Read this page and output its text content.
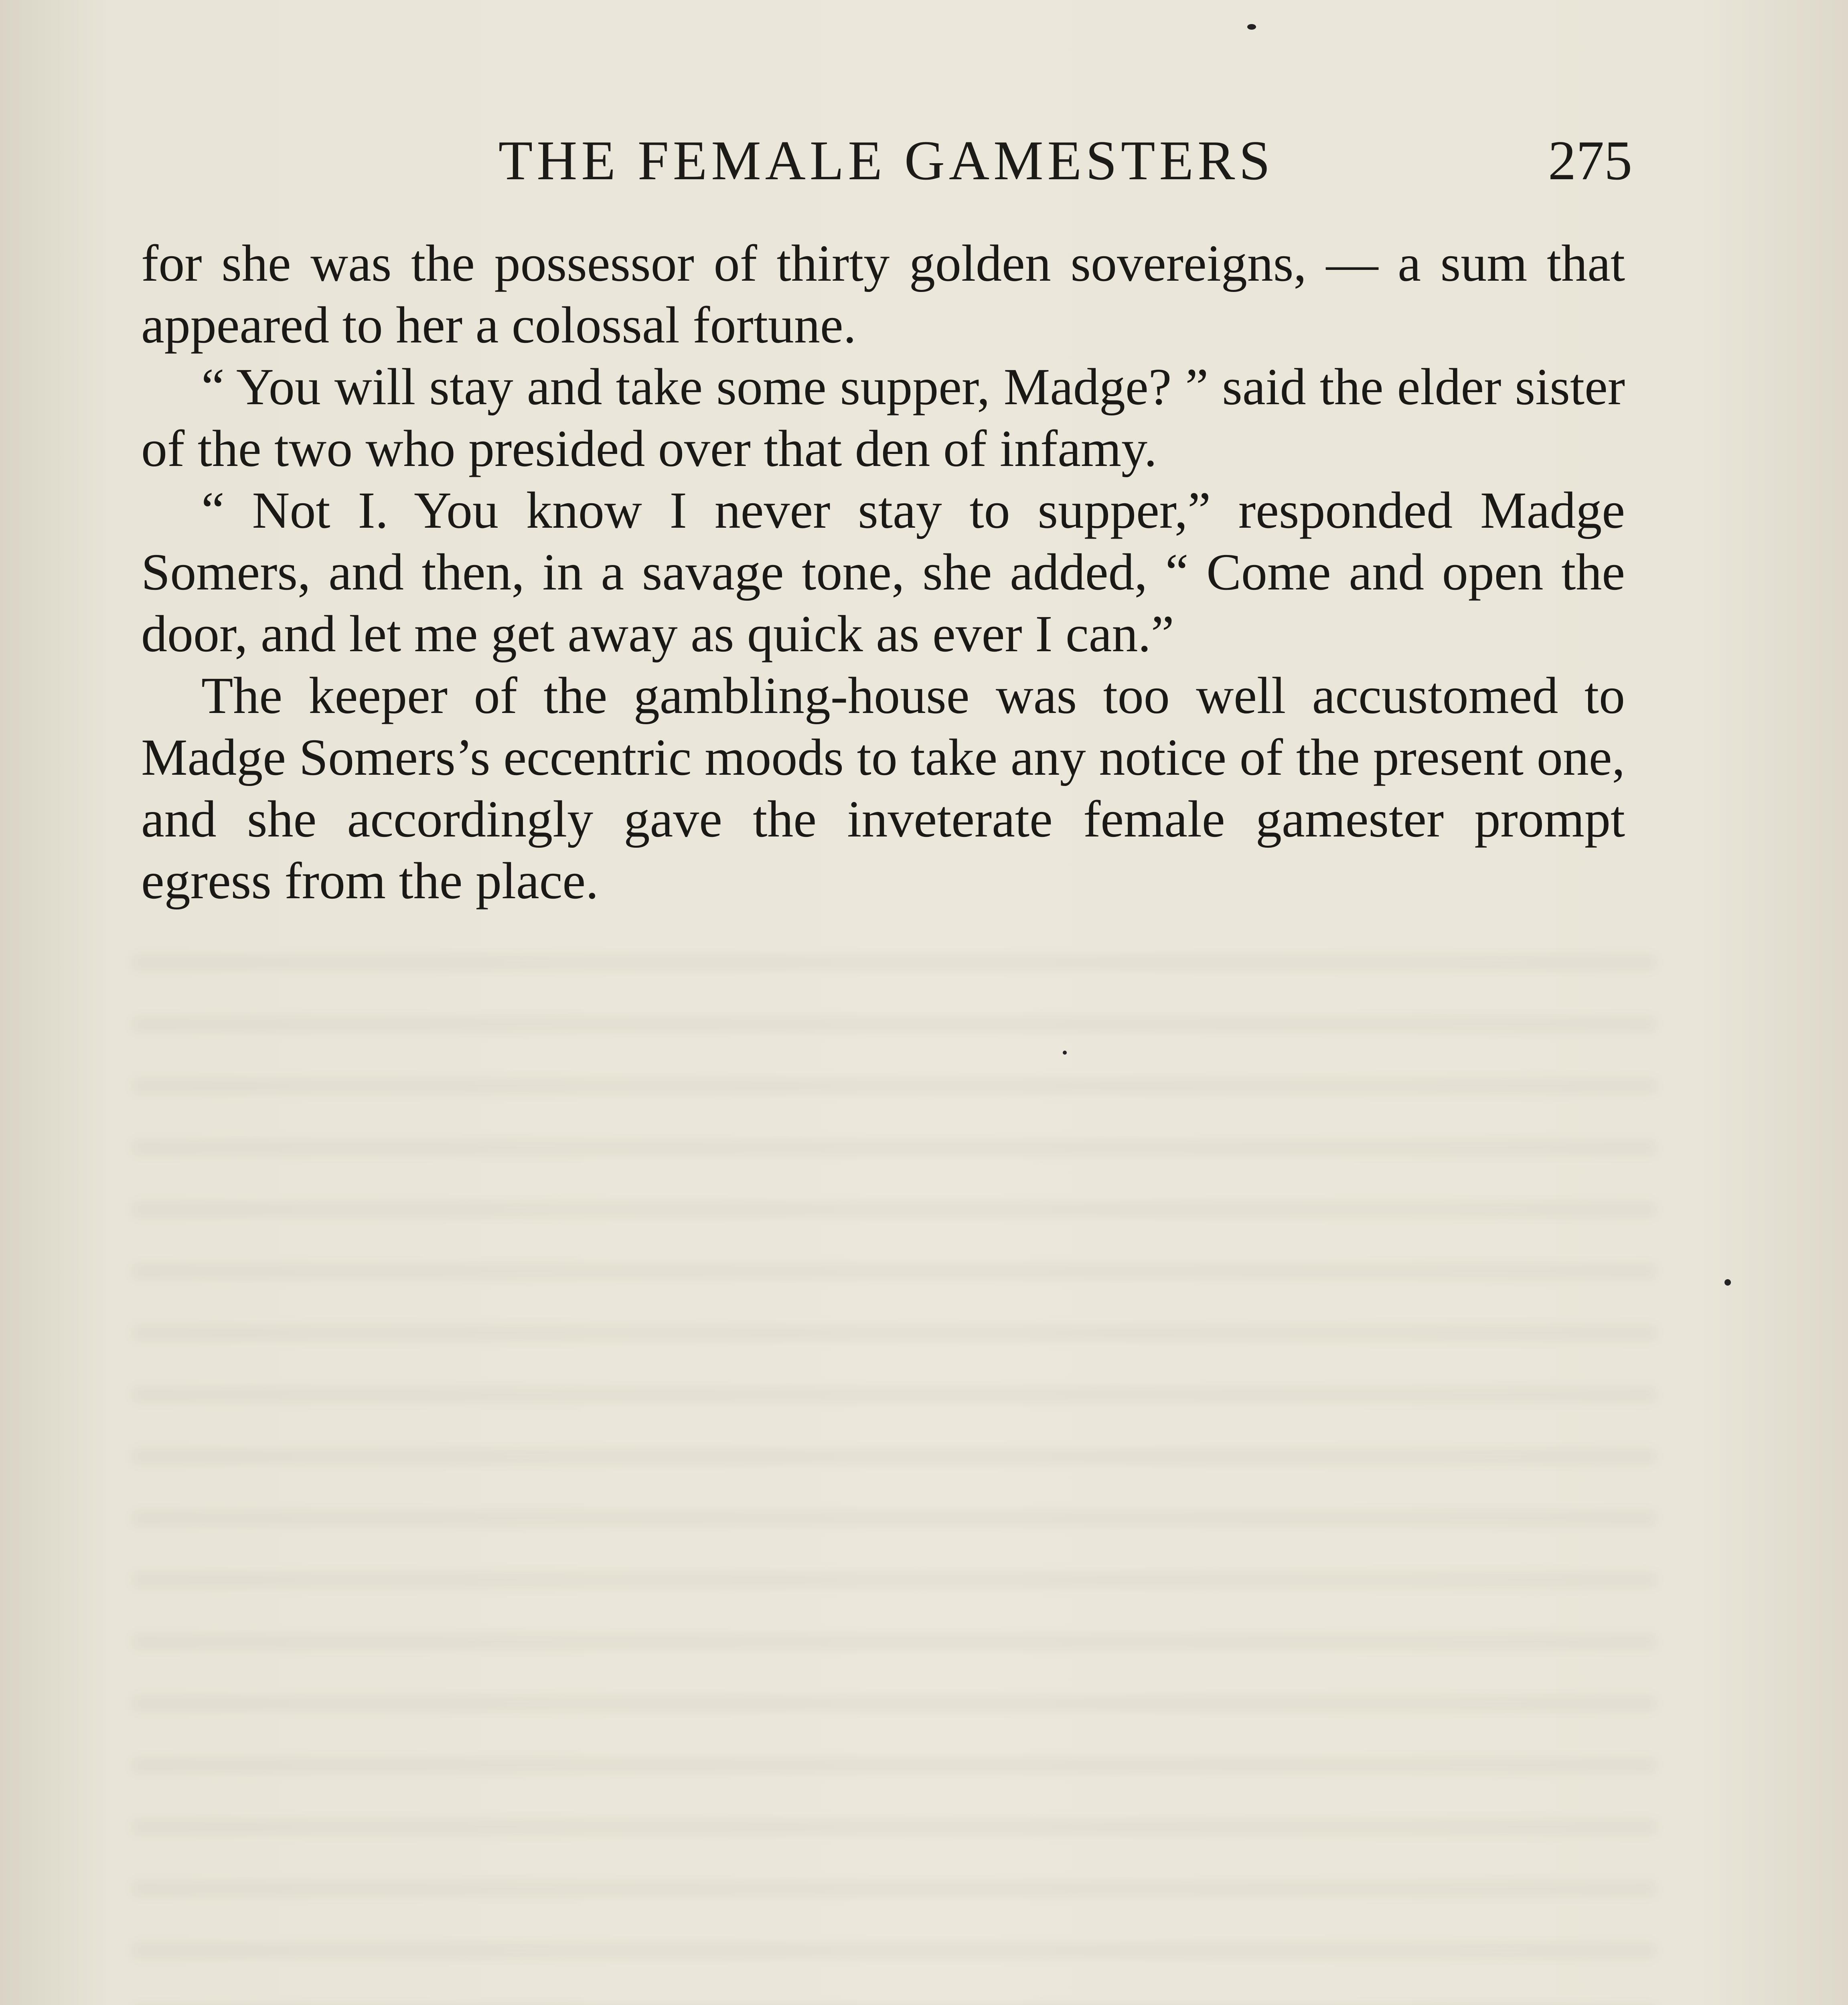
THE FEMALE GAMESTERS	275

for she was the possessor of thirty golden sovereigns, — a sum that appeared to her a colossal fortune.

“ You will stay and take some supper, Madge? ” said the elder sister of the two who presided over that den of infamy.

“ Not I. You know I never stay to supper,” responded Madge Somers, and then, in a savage tone, she added, “ Come and open the door, and let me get away as quick as ever I can.”

The keeper of the gambling-house was too well accustomed to Madge Somers’s eccentric moods to take any notice of the present one, and she accordingly gave the inveterate female gamester prompt egress from the place.
